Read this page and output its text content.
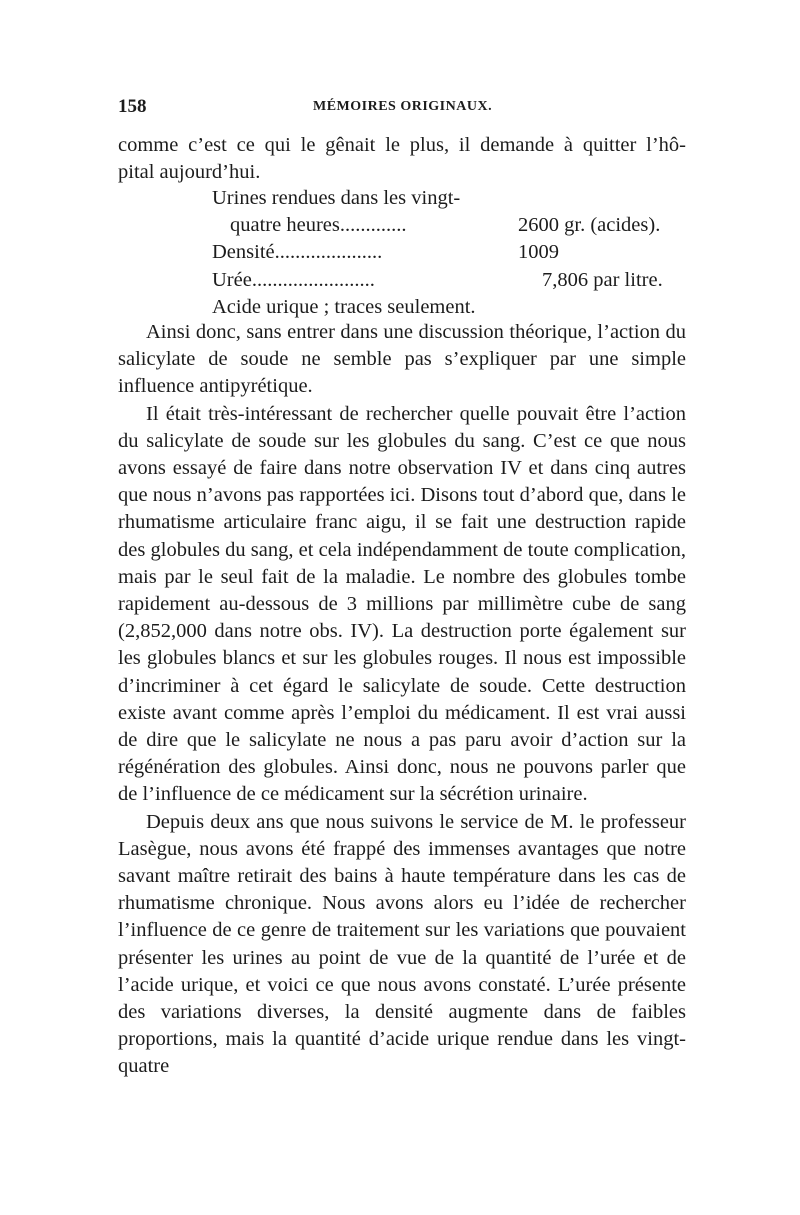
158	MÉMOIRES ORIGINAUX.

comme c’est ce qui le gênait le plus, il demande à quitter l’hô-

pital aujourd’hui.

Urines rendues dans les vingt-
quatre heures.............	2600 gr. (acides).
Densité.....................	1009
Urée........................	7,806 par litre.
Acide urique ; traces seulement.

Ainsi donc, sans entrer dans une discussion théorique, l’action du salicylate de soude ne semble pas s’expliquer par une simple influence antipyrétique.

Il était très-intéressant de rechercher quelle pouvait être l’action du salicylate de soude sur les globules du sang. C’est ce que nous avons essayé de faire dans notre observation IV et dans cinq autres que nous n’avons pas rapportées ici. Disons tout d’abord que, dans le rhumatisme articulaire franc aigu, il se fait une destruction rapide des globules du sang, et cela indépendamment de toute complication, mais par le seul fait de la maladie. Le nombre des globules tombe rapidement au-dessous de 3 millions par millimètre cube de sang (2,852,000 dans notre obs. IV). La destruction porte également sur les globules blancs et sur les globules rouges. Il nous est impossible d’incriminer à cet égard le salicylate de soude. Cette destruction existe avant comme après l’emploi du médicament. Il est vrai aussi de dire que le salicylate ne nous a pas paru avoir d’action sur la régénération des globules. Ainsi donc, nous ne pouvons parler que de l’influence de ce médicament sur la sécrétion urinaire.

Depuis deux ans que nous suivons le service de M. le professeur Lasègue, nous avons été frappé des immenses avantages que notre savant maître retirait des bains à haute température dans les cas de rhumatisme chronique. Nous avons alors eu l’idée de rechercher l’influence de ce genre de traitement sur les variations que pouvaient présenter les urines au point de vue de la quantité de l’urée et de l’acide urique, et voici ce que nous avons constaté. L’urée présente des variations diverses, la densité augmente dans de faibles proportions, mais la quantité d’acide urique rendue dans les vingt-quatre
